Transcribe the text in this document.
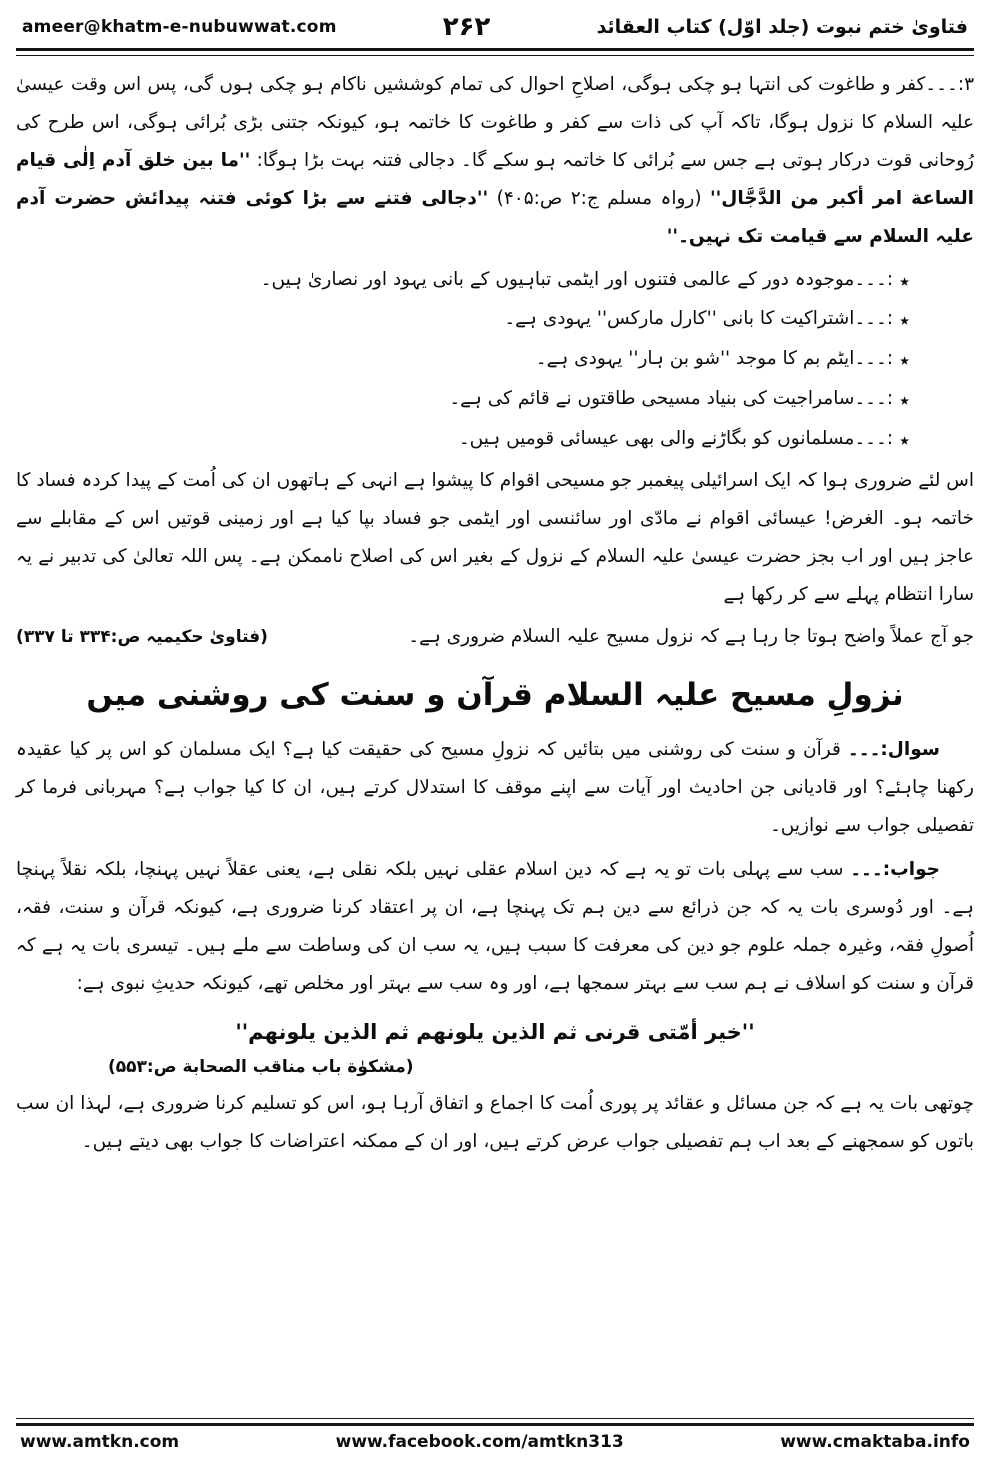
ameer@khatm-e-nubuwwat.com	۲۶۲	فتاویٰ ختم نبوت (جلد اوّل) کتاب العقائد

۳:۔۔۔کفر و طاغوت کی انتہا ہو چکی ہوگی، اصلاحِ احوال کی تمام کوششیں ناکام ہو چکی ہوں گی، پس اس وقت عیسیٰ علیہ السلام کا نزول ہوگا، تاکہ آپ کی ذات سے کفر و طاغوت کا خاتمہ ہو، کیونکہ جتنی بڑی بُرائی ہوگی، اس طرح کی رُوحانی قوت درکار ہوتی ہے جس سے بُرائی کا خاتمہ ہو سکے گا۔ دجالی فتنہ بہت بڑا ہوگا: ''ما بین خلق آدم اِلٰی قیام الساعة امر أکبر من الدَّجَّال'' (رواہ مسلم ج:۲ ص:۴۰۵) ''دجالی فتنے سے بڑا کوئی فتنہ پیدائش حضرت آدم علیہ السلام سے قیامت تک نہیں۔''

٭
:۔۔۔موجودہ دور کے عالمی فتنوں اور ایٹمی تباہیوں کے بانی یہود اور نصاریٰ ہیں۔
٭
:۔۔۔اشتراکیت کا بانی ''کارل مارکس'' یہودی ہے۔
٭
:۔۔۔ایٹم بم کا موجد ''شو بن ہار'' یہودی ہے۔
٭
:۔۔۔سامراجیت کی بنیاد مسیحی طاقتوں نے قائم کی ہے۔
٭
:۔۔۔مسلمانوں کو بگاڑنے والی بھی عیسائی قومیں ہیں۔

اس لئے ضروری ہوا کہ ایک اسرائیلی پیغمبر جو مسیحی اقوام کا پیشوا ہے انہی کے ہاتھوں ان کی اُمت کے پیدا کردہ فساد کا خاتمہ ہو۔ الغرض! عیسائی اقوام نے مادّی اور سائنسی اور ایٹمی جو فساد بپا کیا ہے اور زمینی قوتیں اس کے مقابلے سے عاجز ہیں اور اب بجز حضرت عیسیٰ علیہ السلام کے نزول کے بغیر اس کی اصلاح ناممکن ہے۔ پس اللہ تعالیٰ کی تدبیر نے یہ سارا انتظام پہلے سے کر رکھا ہے

جو آج عملاً واضح ہوتا جا رہا ہے کہ نزول مسیح علیہ السلام ضروری ہے۔
(فتاویٰ حکیمیہ ص:۳۳۴ تا ۳۳۷)
نزولِ مسیح علیہ السلام قرآن و سنت کی روشنی میں

سوال:۔۔۔ قرآن و سنت کی روشنی میں بتائیں کہ نزولِ مسیح کی حقیقت کیا ہے؟ ایک مسلمان کو اس پر کیا عقیدہ رکھنا چاہئے؟ اور قادیانی جن احادیث اور آیات سے اپنے موقف کا استدلال کرتے ہیں، ان کا کیا جواب ہے؟ مہربانی فرما کر تفصیلی جواب سے نوازیں۔

جواب:۔۔۔ سب سے پہلی بات تو یہ ہے کہ دین اسلام عقلی نہیں بلکہ نقلی ہے، یعنی عقلاً نہیں پہنچا، بلکہ نقلاً پہنچا ہے۔ اور دُوسری بات یہ کہ جن ذرائع سے دین ہم تک پہنچا ہے، ان پر اعتقاد کرنا ضروری ہے، کیونکہ قرآن و سنت، فقہ، اُصولِ فقہ، وغیرہ جملہ علوم جو دین کی معرفت کا سبب ہیں، یہ سب ان کی وساطت سے ملے ہیں۔ تیسری بات یہ ہے کہ قرآن و سنت کو اسلاف نے ہم سب سے بہتر سمجھا ہے، اور وہ سب سے بہتر اور مخلص تھے، کیونکہ حدیثِ نبوی ہے:

''خیر أمّتی قرنی ثم الذین یلونهم ثم الذین یلونهم''

(مشکوٰة باب مناقب الصحابة ص:۵۵۳)

چوتھی بات یہ ہے کہ جن مسائل و عقائد پر پوری اُمت کا اجماع و اتفاق آرہا ہو، اس کو تسلیم کرنا ضروری ہے، لہذا ان سب باتوں کو سمجھنے کے بعد اب ہم تفصیلی جواب عرض کرتے ہیں، اور ان کے ممکنہ اعتراضات کا جواب بھی دیتے ہیں۔

www.amtkn.com	www.facebook.com/amtkn313	www.cmaktaba.info
